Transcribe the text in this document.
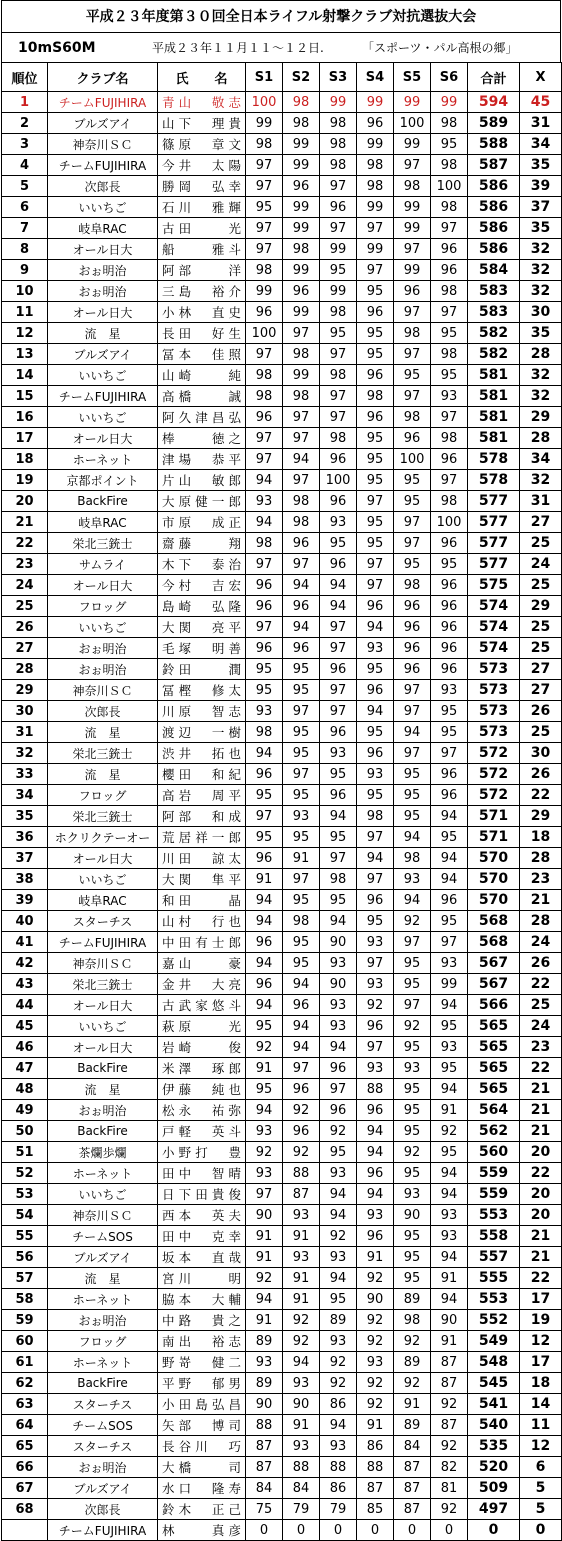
平成２３年度第３０回全日本ライフル射撃クラブ対抗選抜大会
10mS60M	平成２３年１１月１１～１２日.	「スポーツ・パル高根の郷」
順位	クラブ名	氏　　名	S1	S2	S3	S4	S5	S6	合計	X
1	チームFUJIHIRA	青山　敬志	100	98	99	99	99	99	594	45
2	ブルズアイ	山下　理貴	99	98	98	96	100	98	589	31
3	神奈川ＳＣ	篠原　章文	98	99	98	99	99	95	588	34
4	チームFUJIHIRA	今井　太陽	97	99	98	98	97	98	587	35
5	次郎長	勝岡　弘幸	97	96	97	98	98	100	586	39
6	いいちご	石川　雅輝	95	99	96	99	99	98	586	37
7	岐阜RAC	古田　　光	97	99	97	97	99	97	586	35
8	オール日大	船　　雅斗	97	98	99	99	97	96	586	32
9	おぉ明治	阿部　　洋	98	99	95	97	99	96	584	32
10	おぉ明治	三島　裕介	99	96	99	95	96	98	583	32
11	オール日大	小林　直史	96	99	98	96	97	97	583	30
12	流　星	長田　好生	100	97	95	95	98	95	582	35
13	ブルズアイ	冨本　佳照	97	98	97	95	97	98	582	28
14	いいちご	山崎　　純	98	99	98	96	95	95	581	32
15	チームFUJIHIRA	高橋　　誠	98	98	97	98	97	93	581	32
16	いいちご	阿久津昌弘	96	97	97	96	98	97	581	29
17	オール日大	棒　　徳之	97	97	98	95	96	98	581	28
18	ホーネット	津場　恭平	97	94	96	95	100	96	578	34
19	京都ポイント	片山　敏郎	94	97	100	95	95	97	578	32
20	BackFire	大原健一郎	93	98	96	97	95	98	577	31
21	岐阜RAC	市原　成正	94	98	93	95	97	100	577	27
22	栄北三銃士	齋藤　　翔	98	96	95	95	97	96	577	25
23	サムライ	木下　泰治	97	97	96	97	95	95	577	24
24	オール日大	今村　吉宏	96	94	94	97	98	96	575	25
25	フロッグ	島崎　弘隆	96	96	94	96	96	96	574	29
26	いいちご	大関　亮平	97	94	97	94	96	96	574	25
27	おぉ明治	毛塚　明善	96	96	97	93	96	96	574	25
28	おぉ明治	鈴田　　潤	95	95	96	95	96	96	573	27
29	神奈川ＳＣ	冨樫　修太	95	95	97	96	97	93	573	27
30	次郎長	川原　智志	93	97	97	94	97	95	573	26
31	流　星	渡辺　一樹	98	95	96	95	94	95	573	25
32	栄北三銃士	渋井　拓也	94	95	93	96	97	97	572	30
33	流　星	櫻田　和紀	96	97	95	93	95	96	572	26
34	フロッグ	高岩　周平	95	95	96	95	95	96	572	22
35	栄北三銃士	阿部　和成	97	93	94	98	95	94	571	29
36	ホクリクテーオー	荒居祥一郎	95	95	95	97	94	95	571	18
37	オール日大	川田　諒太	96	91	97	94	98	94	570	28
38	いいちご	大関　隼平	91	97	98	97	93	94	570	23
39	岐阜RAC	和田　　晶	94	95	95	96	94	96	570	21
40	スターチス	山村　行也	94	98	94	95	92	95	568	28
41	チームFUJIHIRA	中田有士郎	96	95	90	93	97	97	568	24
42	神奈川ＳＣ	嘉山　　豪	94	95	93	97	95	93	567	26
43	栄北三銃士	金井　大亮	96	94	90	93	95	99	567	22
44	オール日大	古武家悠斗	94	96	93	92	97	94	566	25
45	いいちご	萩原　　光	95	94	93	96	92	95	565	24
46	オール日大	岩崎　　俊	92	94	94	97	95	93	565	23
47	BackFire	米澤　琢郎	91	97	96	93	93	95	565	22
48	流　星	伊藤　純也	95	96	97	88	95	94	565	21
49	おぉ明治	松永　祐弥	94	92	96	96	95	91	564	21
50	BackFire	戸軽　英斗	93	96	92	94	95	92	562	21
51	茶爛歩爛	小野打　豊	92	92	95	94	92	95	560	20
52	ホーネット	田中　智晴	93	88	93	96	95	94	559	22
53	いいちご	日下田貴俊	97	87	94	94	93	94	559	20
54	神奈川ＳＣ	西本　英夫	90	93	94	93	90	93	553	20
55	チームSOS	田中　克幸	91	91	92	96	95	93	558	21
56	ブルズアイ	坂本　直哉	91	93	93	91	95	94	557	21
57	流　星	宮川　　明	92	91	94	92	95	91	555	22
58	ホーネット	脇本　大輔	94	91	95	90	89	94	553	17
59	おぉ明治	中路　貴之	91	92	89	92	98	90	552	19
60	フロッグ	南出　裕志	89	92	93	92	92	91	549	12
61	ホーネット	野嵜　健二	93	94	92	93	89	87	548	17
62	BackFire	平野　郁男	89	93	92	92	92	87	545	18
63	スターチス	小田島弘昌	90	90	86	92	91	92	541	14
64	チームSOS	矢部　博司	88	91	94	91	89	87	540	11
65	スターチス	長谷川　巧	87	93	93	86	84	92	535	12
66	おぉ明治	大橋　　司	87	88	88	88	87	82	520	6
67	ブルズアイ	水口　隆寿	84	84	86	87	87	81	509	5
68	次郎長	鈴木　正己	75	79	79	85	87	92	497	5
	チームFUJIHIRA	林　　真彦	0	0	0	0	0	0	0	0
